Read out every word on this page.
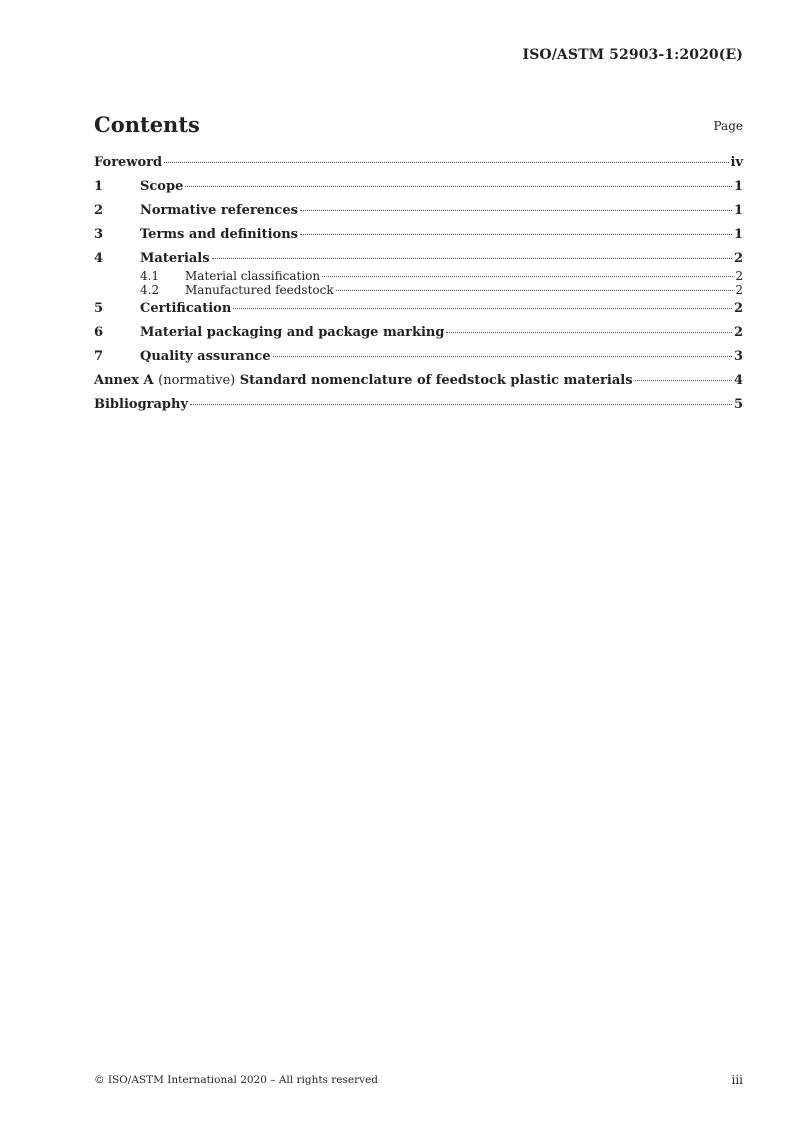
ISO/ASTM 52903-1:2020(E)
Contents	Page
Foreword	iv
1	Scope	1
2	Normative references	1
3	Terms and definitions	1
4	Materials	2
4.1	Material classification	2
4.2	Manufactured feedstock	2
5	Certification	2
6	Material packaging and package marking	2
7	Quality assurance	3
Annex A (normative) Standard nomenclature of feedstock plastic materials	4
Bibliography	5
© ISO/ASTM International 2020 – All rights reserved	iii
